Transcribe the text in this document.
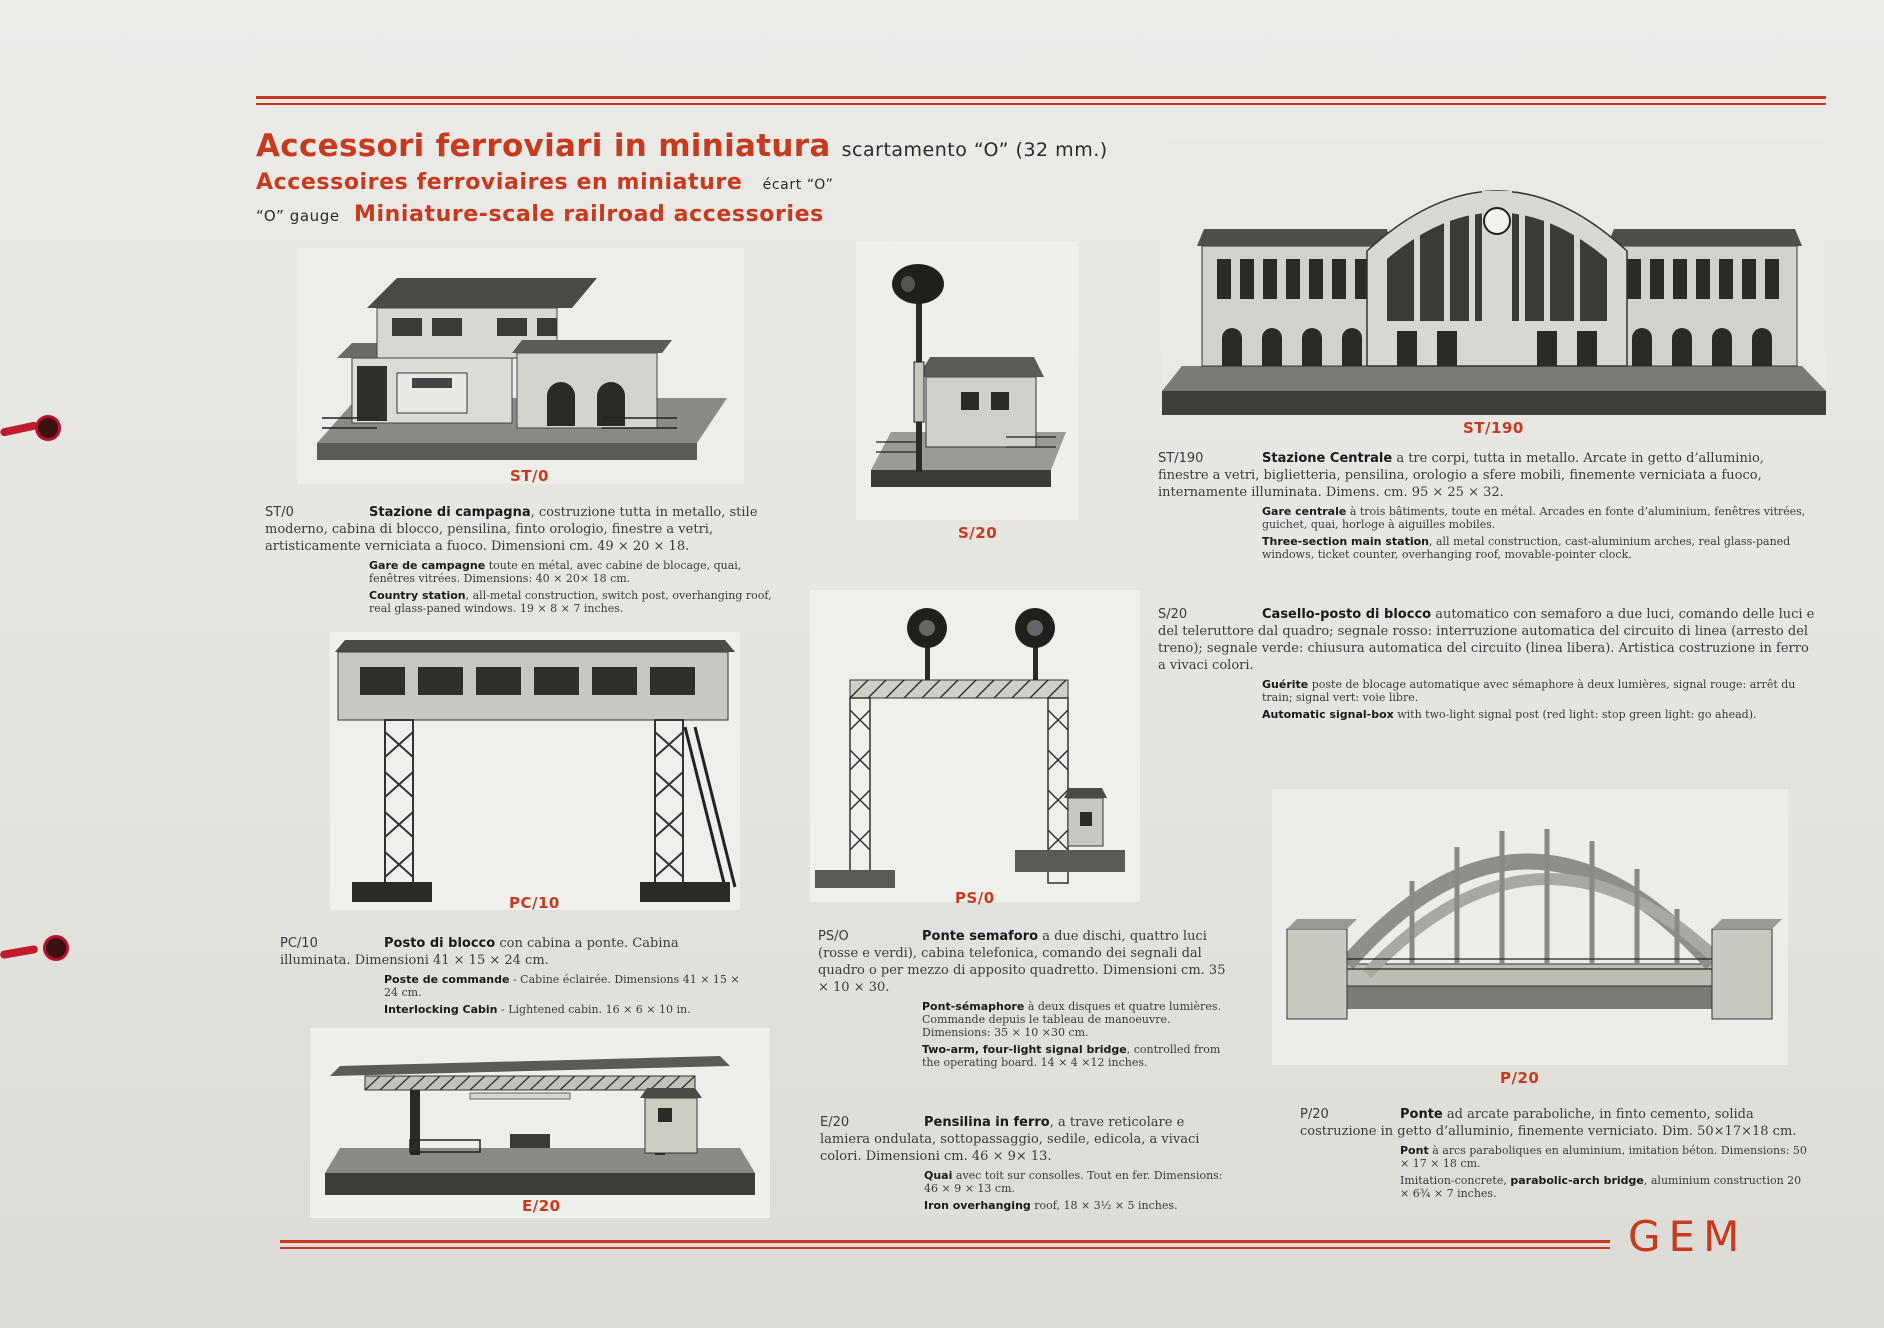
Accessori ferroviari in miniatura scartamento “O” (32 mm.)
Accessoires ferroviaires en miniature écart “O”
“O” gauge Miniature-scale railroad accessories
ST/0
S/20
ST/190
PC/10	PS/0
P/20
E/20
ST/0	Stazione di campagna, costruzione tutta in metallo, stile moderno, cabina di blocco, pensilina, finto orologio, finestre a vetri, artisticamente verniciata a fuoco. Dimensioni cm. 49 × 20 × 18.
Gare de campagne toute en métal, avec cabine de blocage, quai, fenêtres vitrées. Dimensions: 40 × 20× 18 cm.
Country station, all-metal construction, switch post, overhanging roof, real glass-paned windows. 19 × 8 × 7 inches.
ST/190	Stazione Centrale a tre corpi, tutta in metallo. Arcate in getto d’alluminio, finestre a vetri, biglietteria, pensilina, orologio a sfere mobili, finemente verniciata a fuoco, internamente illuminata. Dimens. cm. 95 × 25 × 32.
Gare centrale à trois bâtiments, toute en métal. Arcades en fonte d’aluminium, fenêtres vitrées, guichet, quai, horloge à aiguilles mobiles.
Three-section main station, all metal construction, cast-aluminium arches, real glass-paned windows, ticket counter, overhanging roof, movable-pointer clock.
S/20	Casello-posto di blocco automatico con semaforo a due luci, comando delle luci e del teleruttore dal quadro; segnale rosso: interruzione automatica del circuito di linea (arresto del treno); segnale verde: chiusura automatica del circuito (linea libera). Artistica costruzione in ferro a vivaci colori.
Guérite poste de blocage automatique avec sémaphore à deux lumières, signal rouge: arrêt du train; signal vert: voie libre.
Automatic signal-box with two-light signal post (red light: stop green light: go ahead).
PC/10	Posto di blocco con cabina a ponte. Cabina illuminata. Dimensioni 41 × 15 × 24 cm.
Poste de commande - Cabine éclairée. Dimensions 41 × 15 × 24 cm.
Interlocking Cabin - Lightened cabin. 16 × 6 × 10 in.
PS/O	Ponte semaforo a due dischi, quattro luci (rosse e verdi), cabina telefonica, comando dei segnali dal quadro o per mezzo di apposito quadretto. Dimensioni cm. 35 × 10 × 30.
Pont-sémaphore à deux disques et quatre lumières. Commande depuis le tableau de manoeuvre. Dimensions: 35 × 10 ×30 cm.
Two-arm, four-light signal bridge, controlled from the operating board. 14 × 4 ×12 inches.
E/20	Pensilina in ferro, a trave reticolare e lamiera ondulata, sottopassaggio, sedile, edicola, a vivaci colori. Dimensioni cm. 46 × 9× 13.
Quai avec toit sur consolles. Tout en fer. Dimensions: 46 × 9 × 13 cm.
Iron overhanging roof, 18 × 3½ × 5 inches.
P/20	Ponte ad arcate paraboliche, in finto cemento, solida costruzione in getto d’alluminio, finemente verniciato. Dim. 50×17×18 cm.
Pont à arcs paraboliques en aluminium, imitation béton. Dimensions: 50 × 17 × 18 cm.
Imitation-concrete, parabolic-arch bridge, aluminium construction 20 × 6¾ × 7 inches.
GEM
